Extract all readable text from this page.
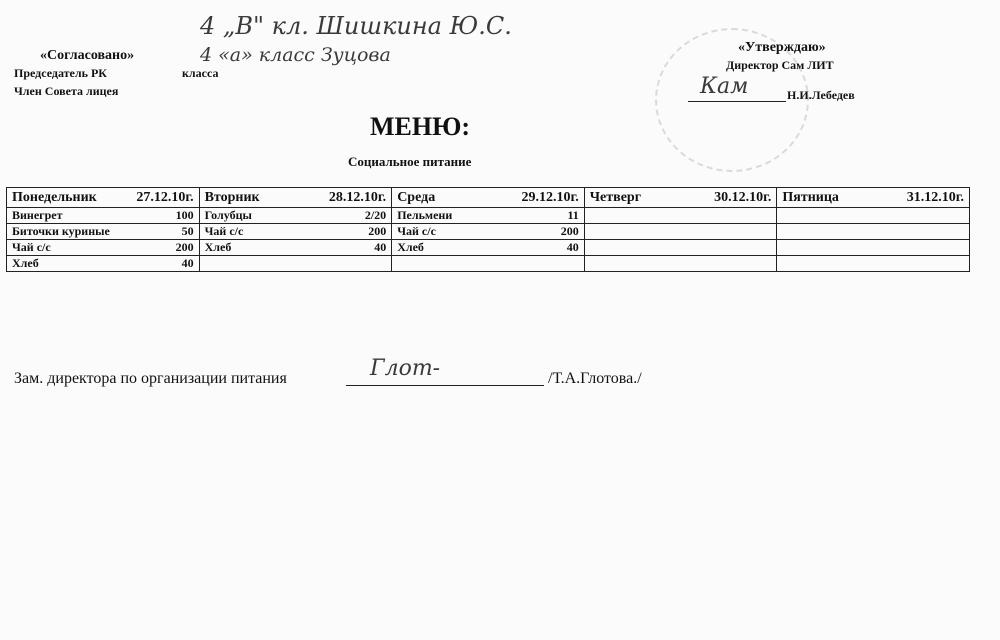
«Согласовано»
Председатель РК	класса
Член Совета лицея
4 „В" кл. Шишкина Ю.С.
4 «а» класс Зуцова	«Утверждаю»
Директор Сам ЛИТ
Кам	Н.И.Лебедев
МЕНЮ:
Социальное питание
Понедельник 27.12.10г.	Вторник 28.12.10г.	Среда 29.12.10г.	Четверг 30.12.10г.	Пятница 31.12.10г.

Винегрет 100	Голубцы 2/20	Пельмени 11		

Биточки куриные 50	Чай с/с 200	Чай с/с 200		

Чай с/с 200	Хлеб 40	Хлеб 40		

Хлеб 40				

Зам. директора по организации питания	Глот-	/Т.А.Глотова./
